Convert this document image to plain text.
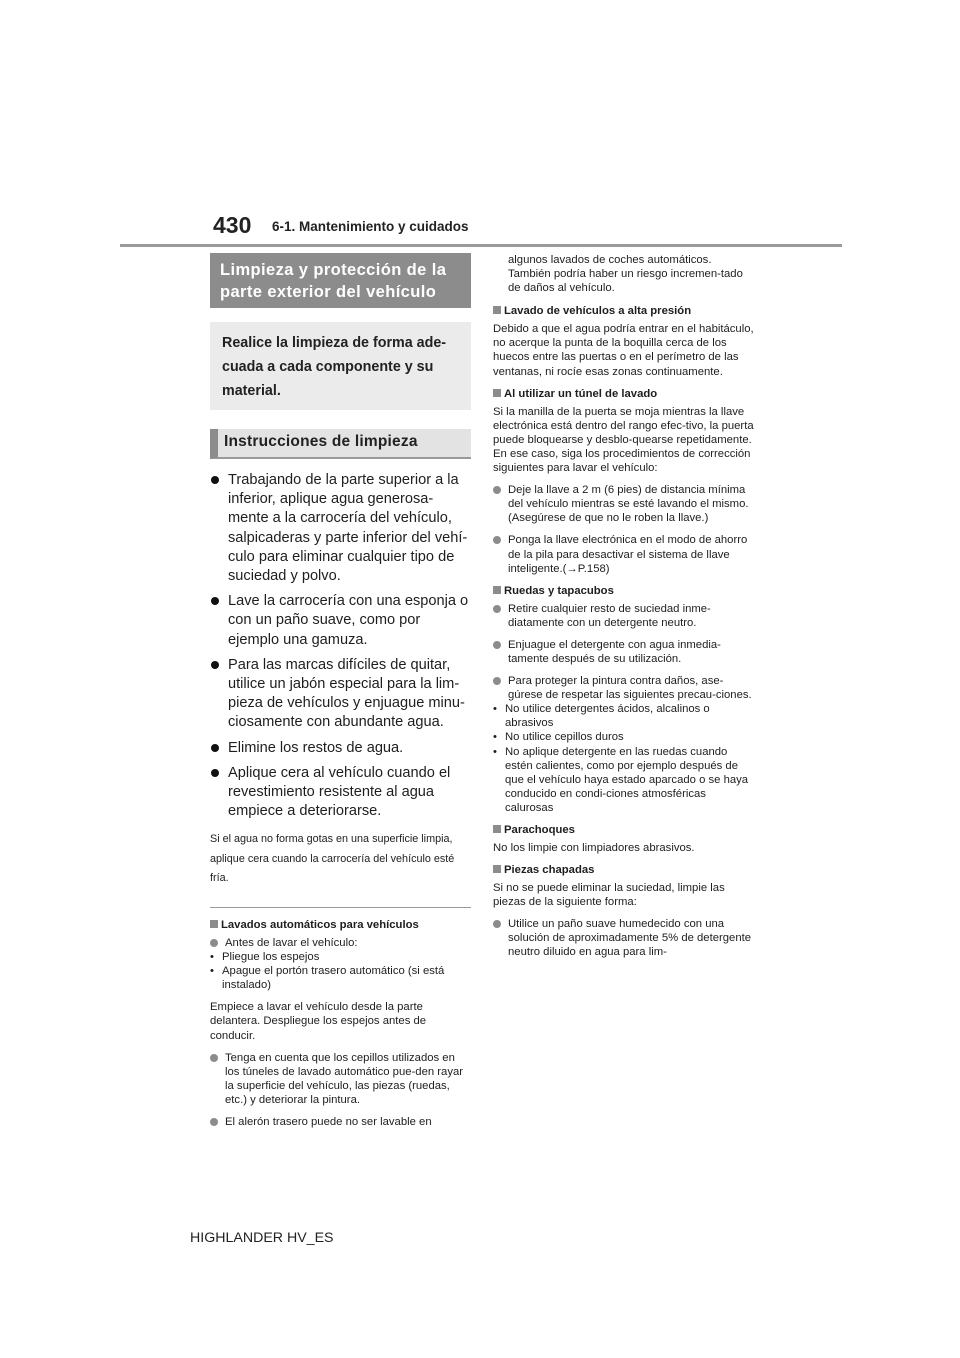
430 6-1. Mantenimiento y cuidados
Limpieza y protección de la parte exterior del vehículo
Realice la limpieza de forma ade-cuada a cada componente y su material.
Instrucciones de limpieza
Trabajando de la parte superior a la inferior, aplique agua generosa-mente a la carrocería del vehículo, salpicaderas y parte inferior del vehí-culo para eliminar cualquier tipo de suciedad y polvo.
Lave la carrocería con una esponja o con un paño suave, como por ejemplo una gamuza.
Para las marcas difíciles de quitar, utilice un jabón especial para la lim-pieza de vehículos y enjuague minu-ciosamente con abundante agua.
Elimine los restos de agua.
Aplique cera al vehículo cuando el revestimiento resistente al agua empiece a deteriorarse.
Si el agua no forma gotas en una superficie limpia, aplique cera cuando la carrocería del vehículo esté fría.
Lavados automáticos para vehículos
Antes de lavar el vehículo:
• Pliegue los espejos
• Apague el portón trasero automático (si está instalado)
Empiece a lavar el vehículo desde la parte delantera. Despliegue los espejos antes de conducir.
Tenga en cuenta que los cepillos utilizados en los túneles de lavado automático pue-den rayar la superficie del vehículo, las piezas (ruedas, etc.) y deteriorar la pintura.
El alerón trasero puede no ser lavable en
algunos lavados de coches automáticos. También podría haber un riesgo incremen-tado de daños al vehículo.
Lavado de vehículos a alta presión
Debido a que el agua podría entrar en el habitáculo, no acerque la punta de la boquilla cerca de los huecos entre las puertas o en el perímetro de las ventanas, ni rocíe esas zonas continuamente.
Al utilizar un túnel de lavado
Si la manilla de la puerta se moja mientras la llave electrónica está dentro del rango efec-tivo, la puerta puede bloquearse y desblo-quearse repetidamente. En ese caso, siga los procedimientos de corrección siguientes para lavar el vehículo:
Deje la llave a 2 m (6 pies) de distancia mínima del vehículo mientras se esté lavando el mismo. (Asegúrese de que no le roben la llave.)
Ponga la llave electrónica en el modo de ahorro de la pila para desactivar el sistema de llave inteligente.(→P.158)
Ruedas y tapacubos
Retire cualquier resto de suciedad inme-diatamente con un detergente neutro.
Enjuague el detergente con agua inmedia-tamente después de su utilización.
Para proteger la pintura contra daños, ase-gúrese de respetar las siguientes precau-ciones.
• No utilice detergentes ácidos, alcalinos o abrasivos
• No utilice cepillos duros
• No aplique detergente en las ruedas cuando estén calientes, como por ejemplo después de que el vehículo haya estado aparcado o se haya conducido en condi-ciones atmosféricas calurosas
Parachoques
No los limpie con limpiadores abrasivos.
Piezas chapadas
Si no se puede eliminar la suciedad, limpie las piezas de la siguiente forma:
Utilice un paño suave humedecido con una solución de aproximadamente 5% de detergente neutro diluido en agua para lim-
HIGHLANDER HV_ES
